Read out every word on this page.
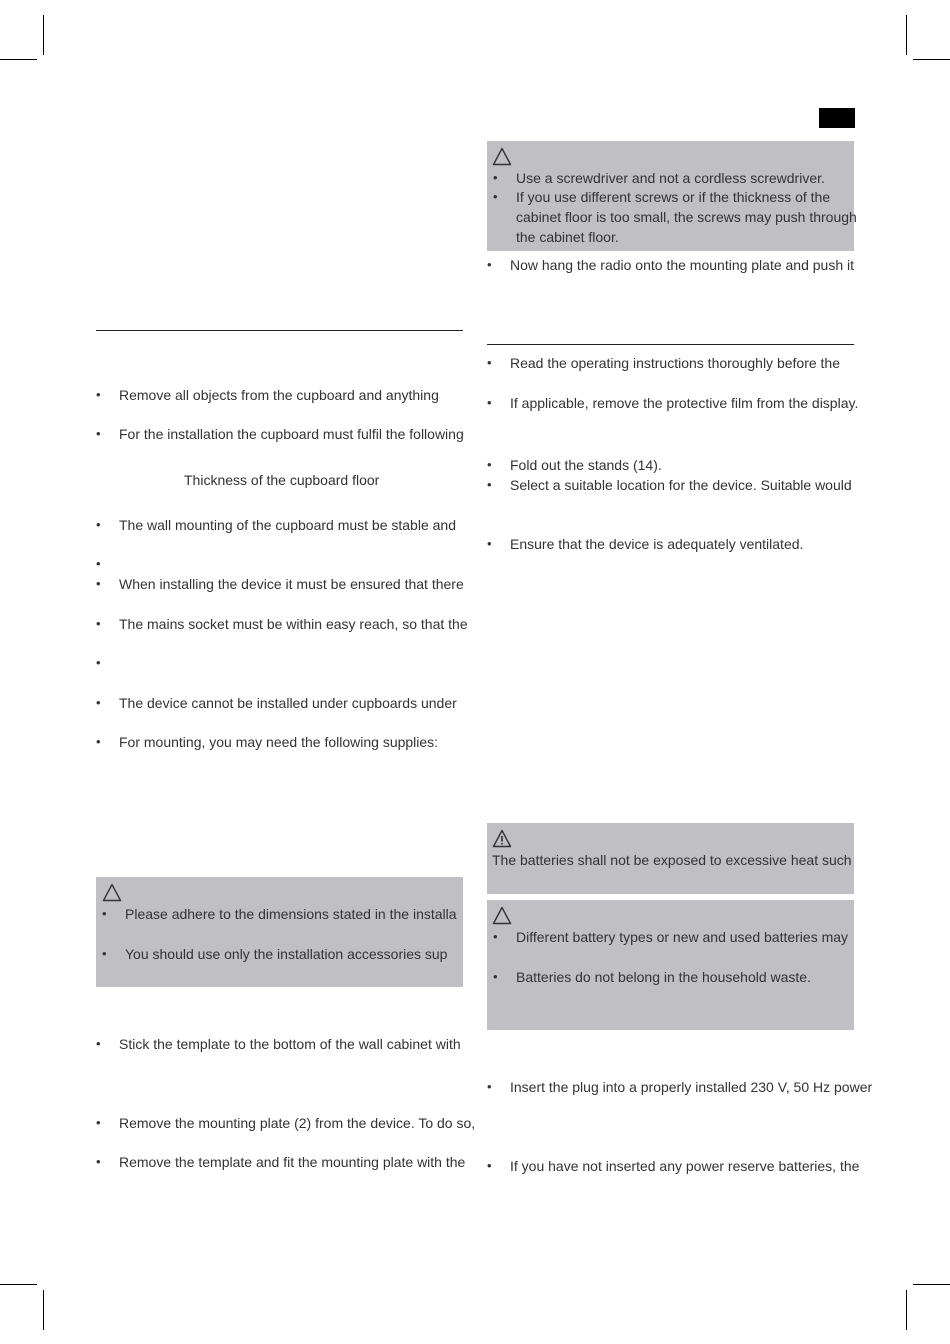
• Remove all objects from the cupboard and anything
• For the installation the cupboard must fulfil the following
Thickness of the cupboard floor
• The wall mounting of the cupboard must be stable and
•
• When installing the device it must be ensured that there
• The mains socket must be within easy reach, so that the
•
• The device cannot be installed under cupboards under
• For mounting, you may need the following supplies:
• Please adhere to the dimensions stated in the installa
• You should use only the installation accessories sup
• Stick the template to the bottom of the wall cabinet with
• Remove the mounting plate (2) from the device. To do so,
• Remove the template and fit the mounting plate with the
• Use a screwdriver and not a cordless screwdriver.
• If you use different screws or if the thickness of the
cabinet floor is too small, the screws may push through
the cabinet floor.
• Now hang the radio onto the mounting plate and push it
• Read the operating instructions thoroughly before the
• If applicable, remove the protective film from the display.
• Fold out the stands (14).
• Select a suitable location for the device. Suitable would
• Ensure that the device is adequately ventilated.
The batteries shall not be exposed to excessive heat such
• Different battery types or new and used batteries may
• Batteries do not belong in the household waste.
• Insert the plug into a properly installed 230 V, 50 Hz power
• If you have not inserted any power reserve batteries, the
